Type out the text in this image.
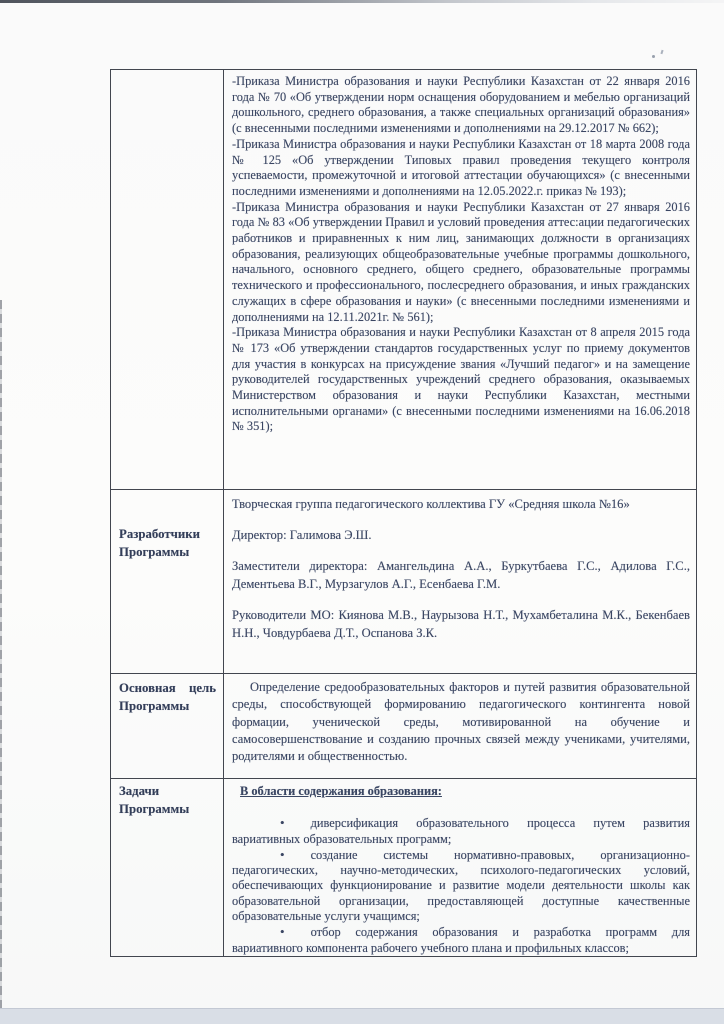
-Приказа Министра образования и науки Республики Казахстан от 22 января 2016 года № 70 «Об утверждении норм оснащения оборудованием и мебелью организаций дошкольного, среднего образования, а также специальных организаций образования» (с внесенными последними изменениями и дополнениями на 29.12.2017 № 662);

-Приказа Министра образования и науки Республики Казахстан от 18 марта 2008 года № 125 «Об утверждении Типовых правил проведения текущего контроля успеваемости, промежуточной и итоговой аттестации обучающихся» (с внесенными последними изменениями и дополнениями на 12.05.2022.г. приказ № 193);

-Приказа Министра образования и науки Республики Казахстан от 27 января 2016 года № 83 «Об утверждении Правил и условий проведения аттес:ации педагогических работников и приравненных к ним лиц, занимающих должности в организациях образования, реализующих общеобразовательные учебные программы дошкольного, начального, основного среднего, общего среднего, образовательные программы технического и профессионального, послесреднего образования, и иных гражданских служащих в сфере образования и науки» (с внесенными последними изменениями и дополнениями на 12.11.2021г. № 561);

-Приказа Министра образования и науки Республики Казахстан от 8 апреля 2015 года № 173 «Об утверждении стандартов государственных услуг по приему документов для участия в конкурсах на присуждение звания «Лучший педагог» и на замещение руководителей государственных учреждений среднего образования, оказываемых Министерством образования и науки Республики Казахстан, местными исполнительными органами» (с внесенными последними изменениями на 16.06.2018 № 351);

Разработчики Программы

Творческая группа педагогического коллектива ГУ «Средняя школа №16»

Директор: Галимова Э.Ш.

Заместители директора: Амангельдина А.А., Буркутбаева Г.С., Адилова Г.С., Дементьева В.Г., Мурзагулов А.Г., Есенбаева Г.М.

Руководители МО: Киянова М.В., Наурызова Н.Т., Мухамбеталина М.К., Бекенбаев Н.Н., Човдурбаева Д.Т., Оспанова З.К.

Основная цель Программы

Определение средообразовательных факторов и путей развития образовательной среды, способствующей формированию педагогического контингента новой формации, ученической среды, мотивированной на обучение и самосовершенствование и созданию прочных связей между учениками, учителями, родителями и общественностью.

Задачи Программы

В области содержания образования:

• диверсификация образовательного процесса путем развития вариативных образовательных программ;

• создание системы нормативно-правовых, организационно-педагогических, научно-методических, психолого-педагогических условий, обеспечивающих функционирование и развитие модели деятельности школы как образовательной организации, предоставляющей доступные качественные образовательные услуги учащимся;

• отбор содержания образования и разработка программ для вариативного компонента рабочего учебного плана и профильных классов;
